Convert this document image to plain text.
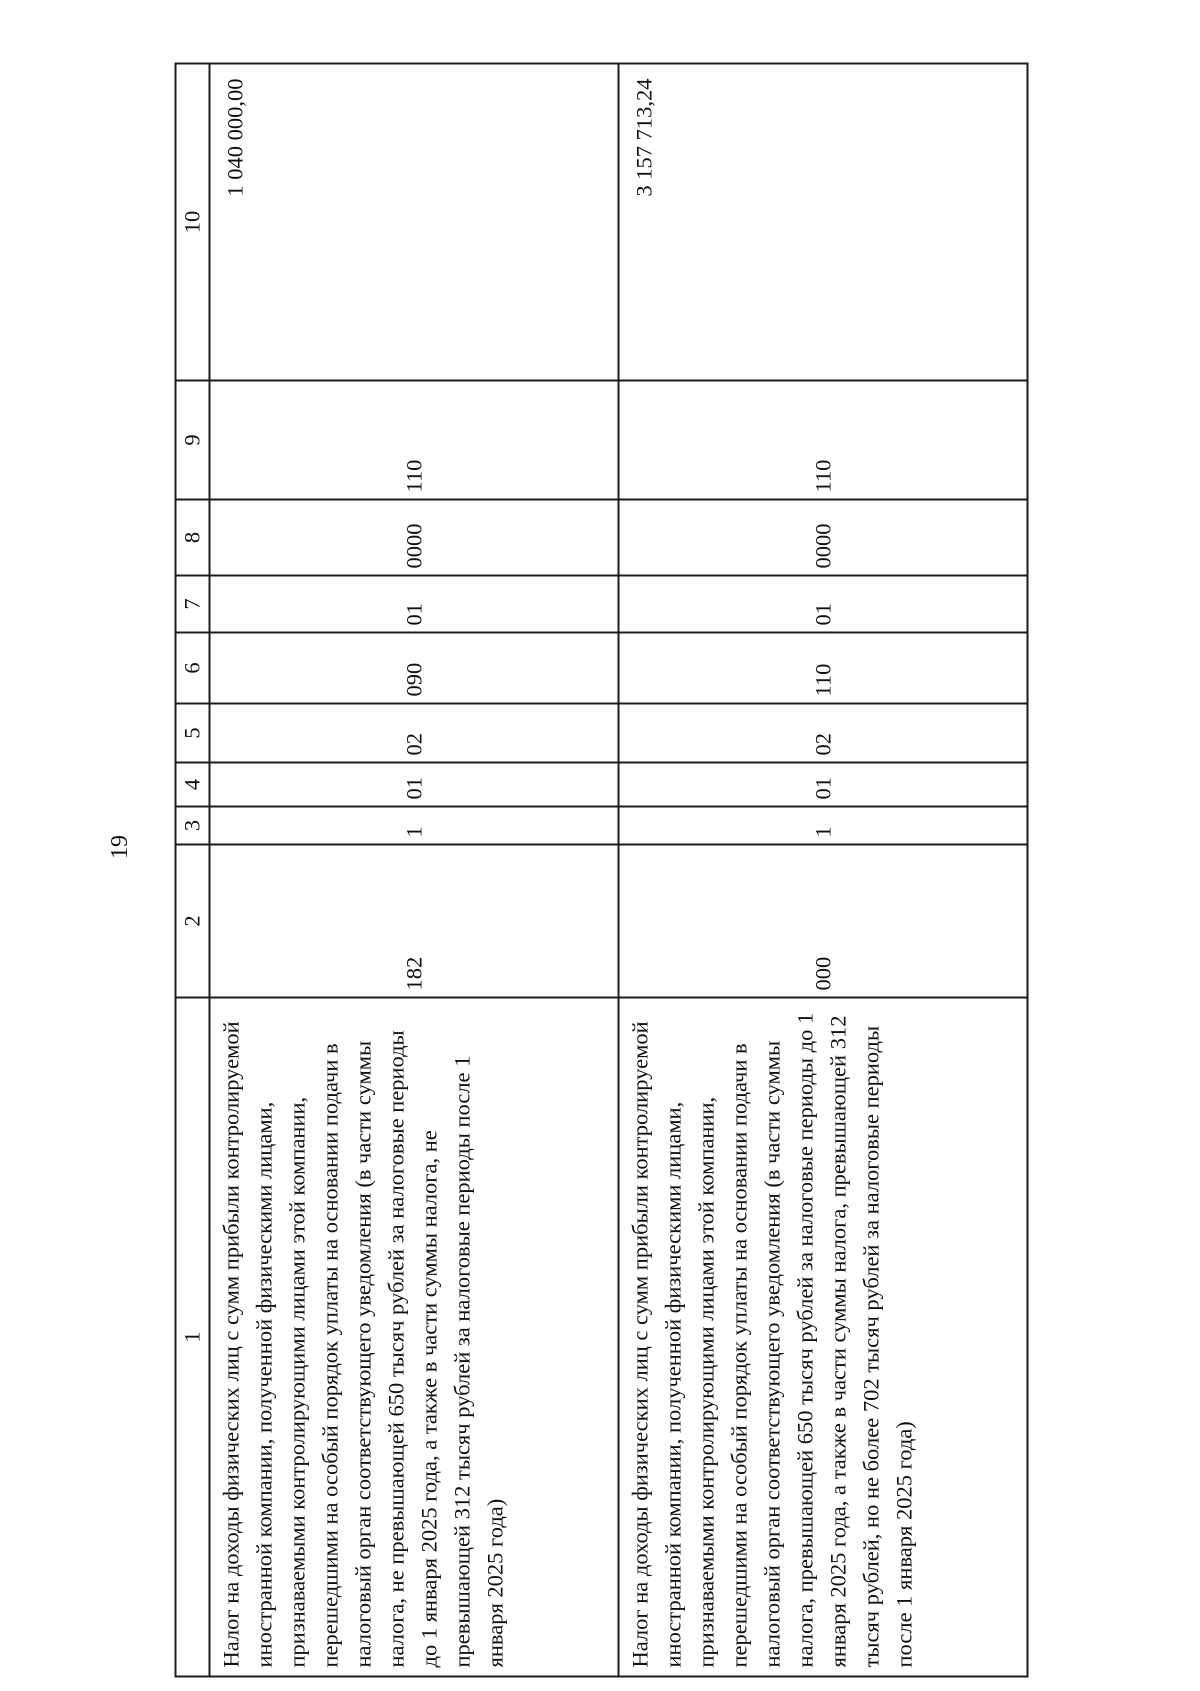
19
1	2	3	4	5	6	7	8	9	10
Налог на доходы физических лиц с сумм прибыли контролируемой иностранной компании, полученной физическими лицами, признаваемыми контролирующими лицами этой компании, перешедшими на особый порядок уплаты на основании подачи в налоговый орган соответствующего уведомления (в части суммы налога, не превышающей 650 тысяч рублей за налоговые периоды до 1 января 2025 года, а также в части суммы налога, не превышающей 312 тысяч рублей за налоговые периоды после 1 января 2025 года)	182	1	01	02	090	01	0000	110	1 040 000,00
Налог на доходы физических лиц с сумм прибыли контролируемой иностранной компании, полученной физическими лицами, признаваемыми контролирующими лицами этой компании, перешедшими на особый порядок уплаты на основании подачи в налоговый орган соответствующего уведомления (в части суммы налога, превышающей 650 тысяч рублей за налоговые периоды до 1 января 2025 года, а также в части суммы налога, превышающей 312 тысяч рублей, но не более 702 тысяч рублей за налоговые периоды после 1 января 2025 года)	000	1	01	02	110	01	0000	110	3 157 713,24
